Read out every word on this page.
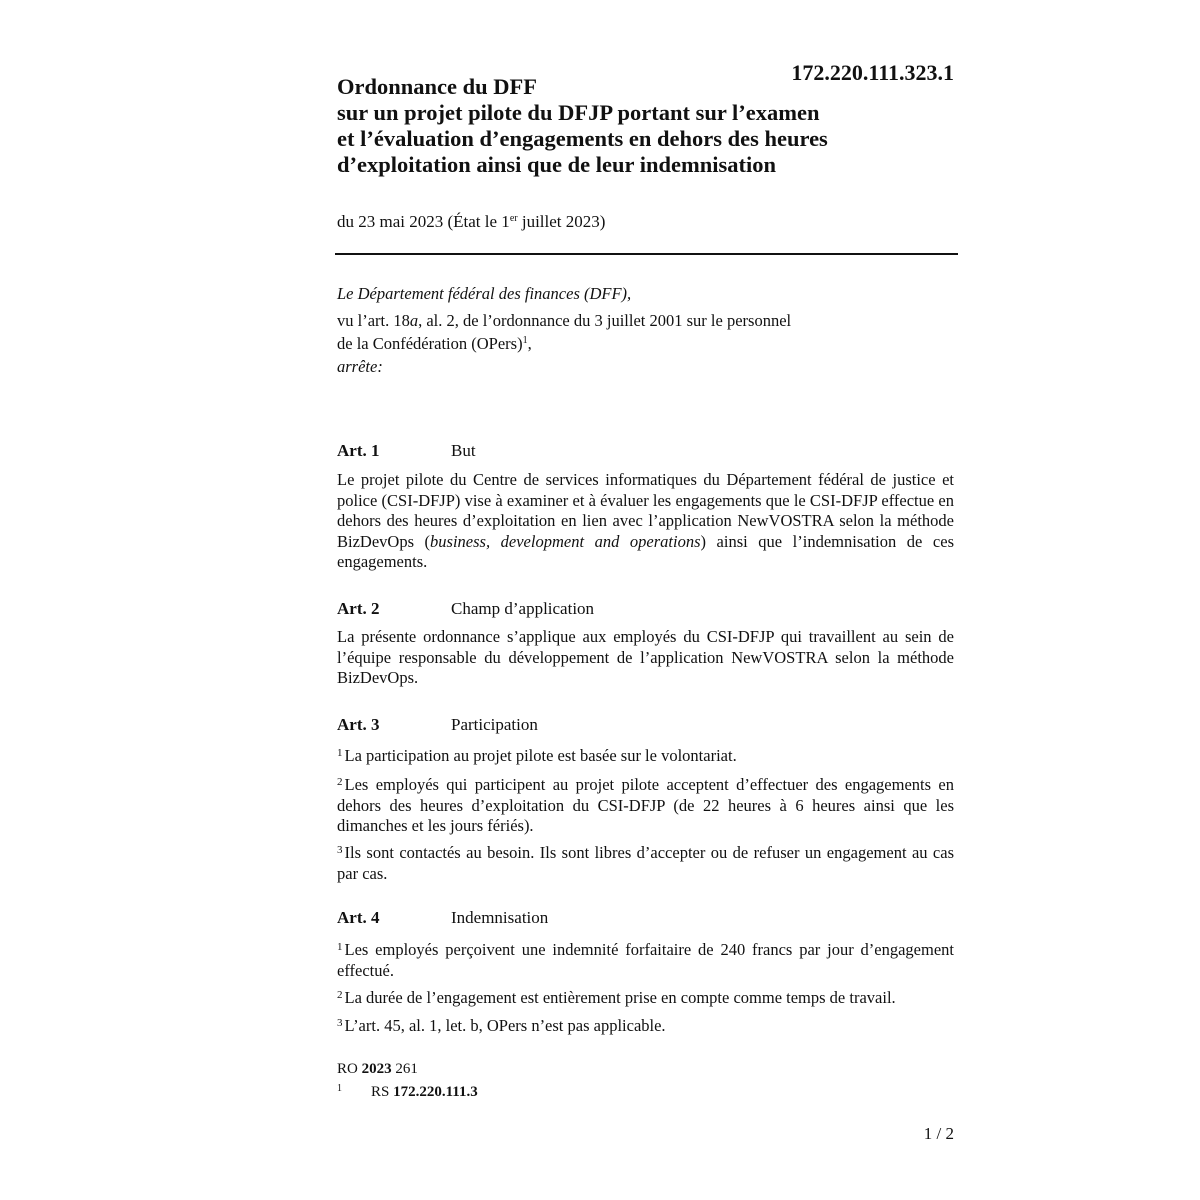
172.220.111.323.1
Ordonnance du DFF
sur un projet pilote du DFJP portant sur l’examen
et l’évaluation d’engagements en dehors des heures
d’exploitation ainsi que de leur indemnisation
du 23 mai 2023 (État le 1er juillet 2023)
Le Département fédéral des finances (DFF),
vu l’art. 18a, al. 2, de l’ordonnance du 3 juillet 2001 sur le personnel
de la Confédération (OPers)$^1$,
arrête:
Art. 1	But
Le projet pilote du Centre de services informatiques du Département fédéral de justice et police (CSI-DFJP) vise à examiner et à évaluer les engagements que le CSI-DFJP effectue en dehors des heures d’exploitation en lien avec l’application NewVOSTRA selon la méthode BizDevOps (business, development and operations) ainsi que l’indemnisation de ces engagements.
Art. 2	Champ d’application
La présente ordonnance s’applique aux employés du CSI-DFJP qui travaillent au sein de l’équipe responsable du développement de l’application NewVOSTRA selon la méthode BizDevOps.
Art. 3	Participation
$^1$ La participation au projet pilote est basée sur le volontariat.
$^2$ Les employés qui participent au projet pilote acceptent d’effectuer des engagements en dehors des heures d’exploitation du CSI-DFJP (de 22 heures à 6 heures ainsi que les dimanches et les jours fériés).
$^3$ Ils sont contactés au besoin. Ils sont libres d’accepter ou de refuser un engagement au cas par cas.
Art. 4	Indemnisation
$^1$ Les employés perçoivent une indemnité forfaitaire de 240 francs par jour d’engagement effectué.
$^2$ La durée de l’engagement est entièrement prise en compte comme temps de travail.
$^3$ L’art. 45, al. 1, let. b, OPers n’est pas applicable.
RO 2023 261
1 RS 172.220.111.3
1 / 2
